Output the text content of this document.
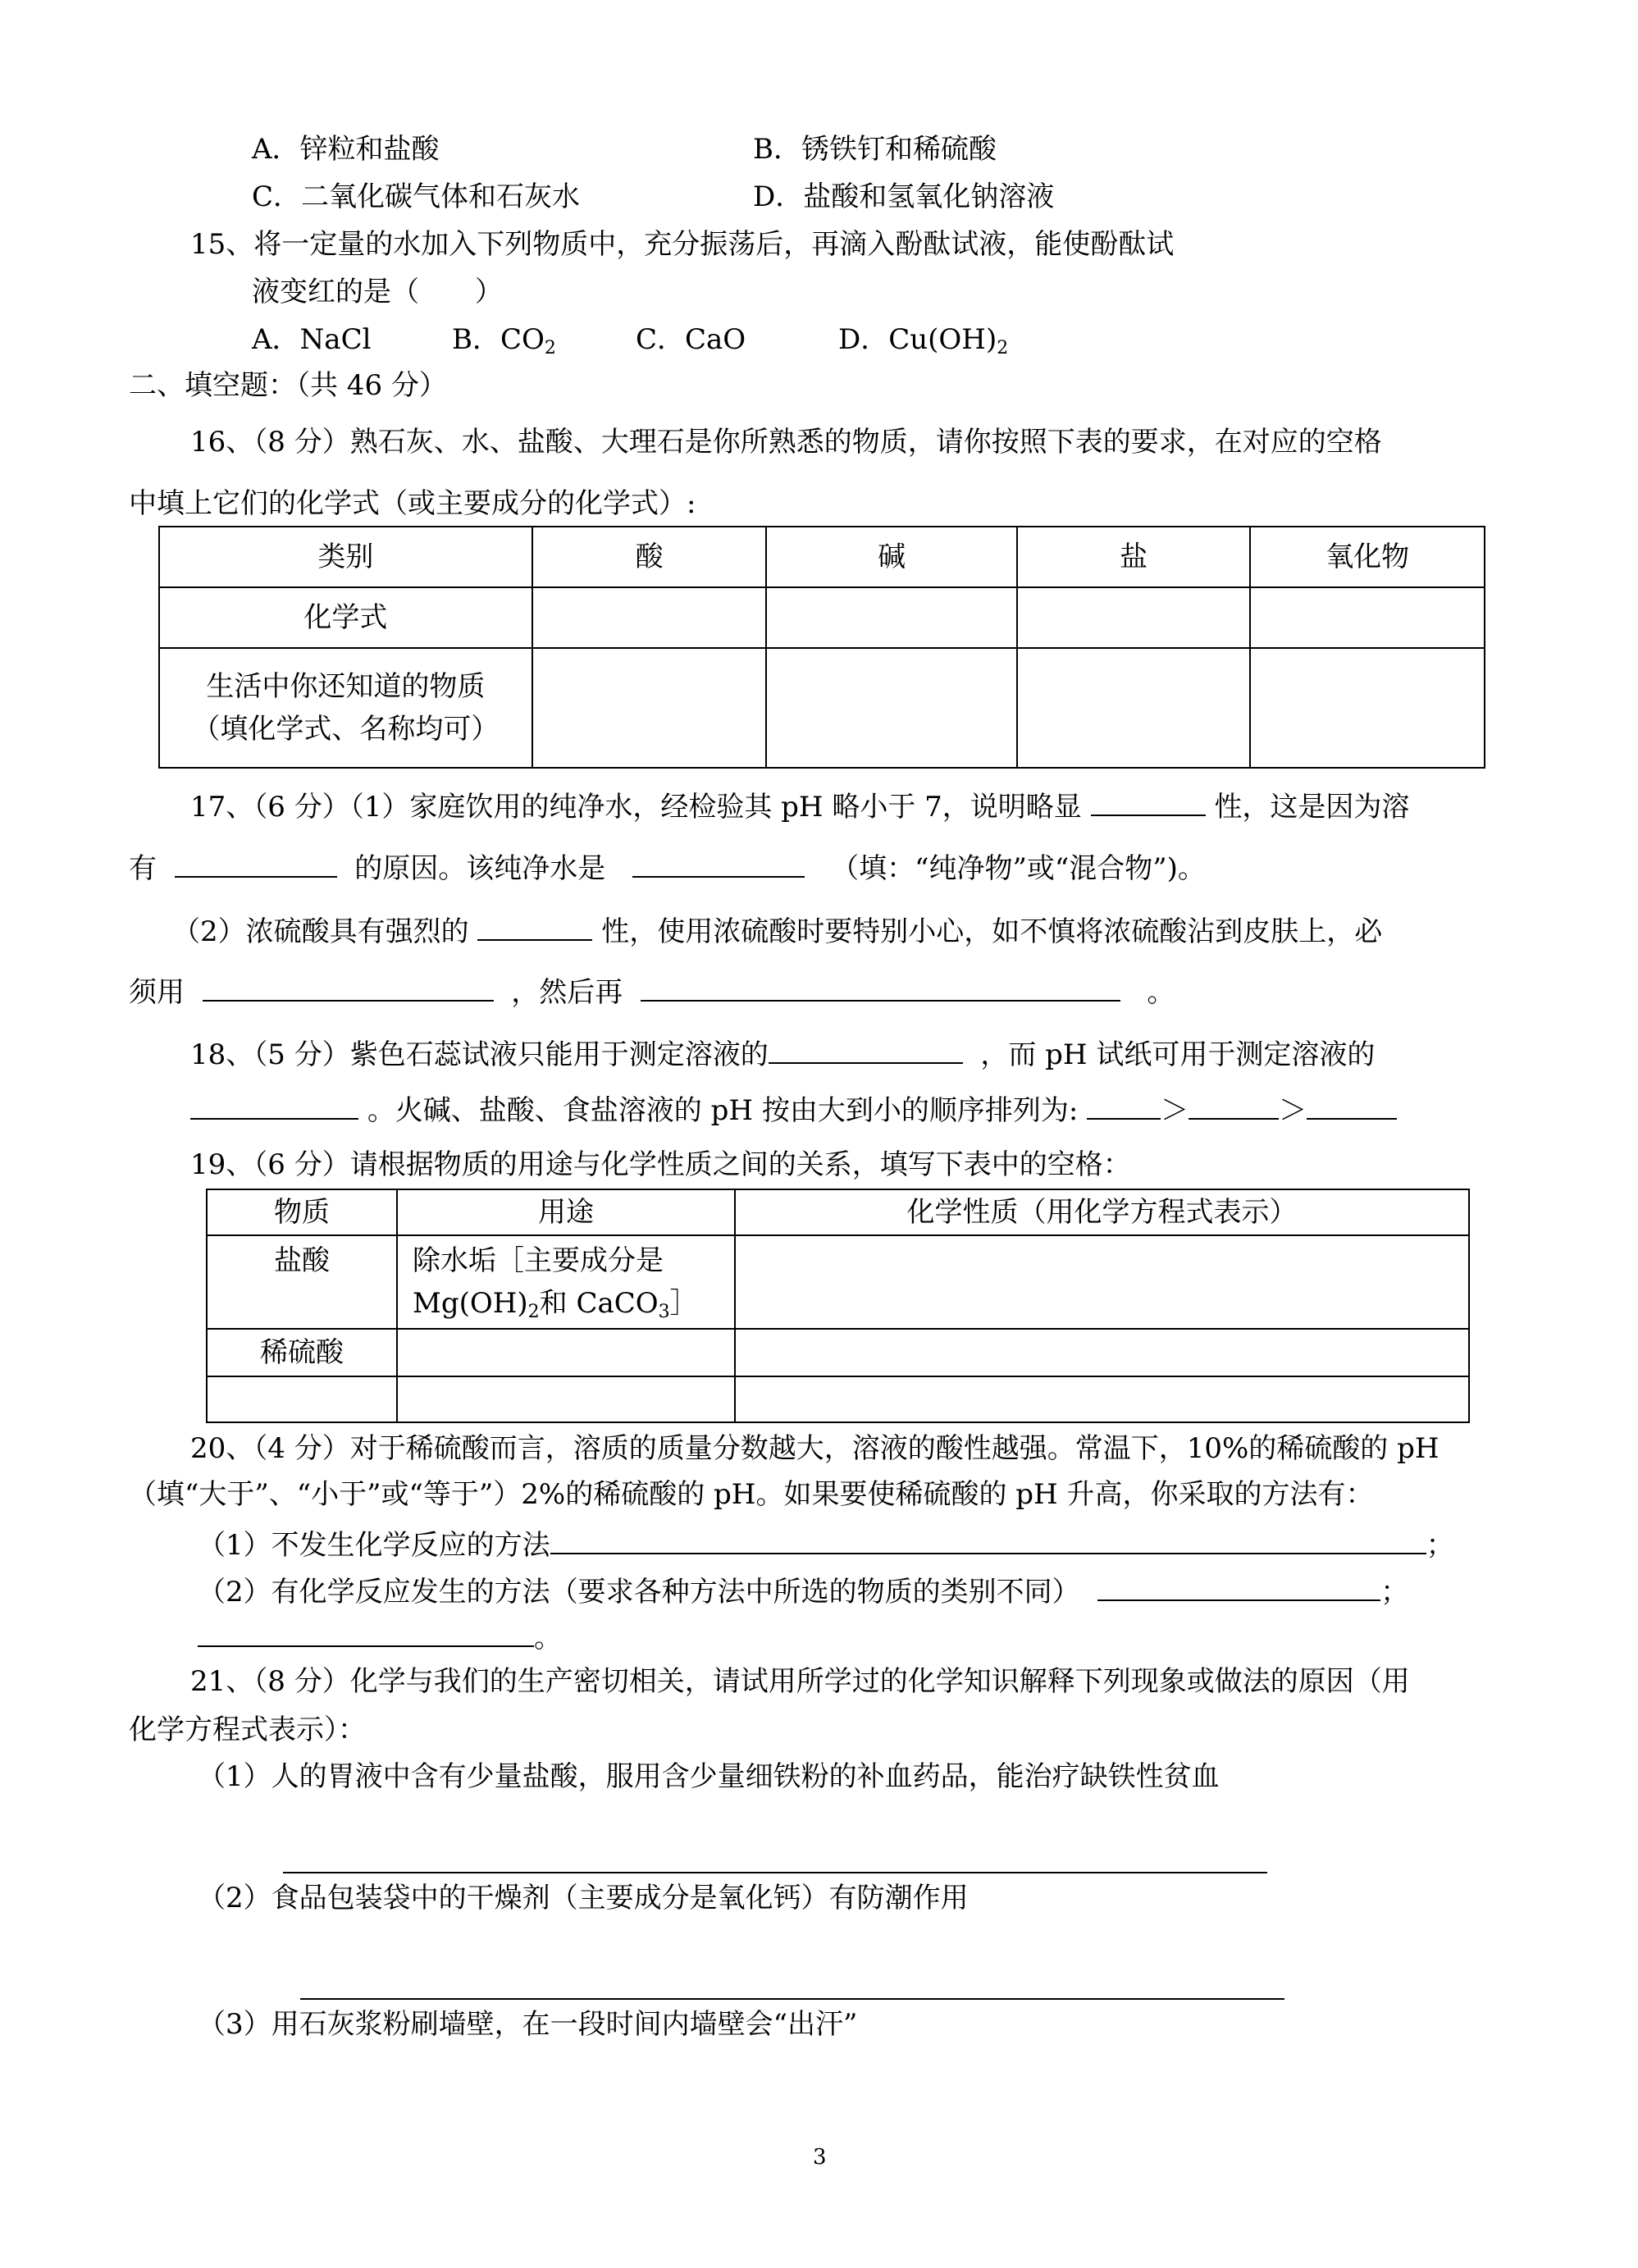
A．锌粒和盐酸	B．锈铁钉和稀硫酸
C．二氧化碳气体和石灰水	D．盐酸和氢氧化钠溶液
15、将一定量的水加入下列物质中，充分振荡后，再滴入酚酞试液，能使酚酞试
液变红的是（　　）
A．NaCl	B．$CO_2$	C．CaO	D．$Cu(OH)_2$
二、填空题：（共 46 分）
16、（8 分）熟石灰、水、盐酸、大理石是你所熟悉的物质，请你按照下表的要求，在对应的空格
中填上它们的化学式（或主要成分的化学式）:
类别	酸	碱	盐	氧化物
化学式				

生活中你还知道的物质
（填化学式、名称均可）				

17、（6 分）（1）家庭饮用的纯净水，经检验其 pH 略小于 7，说明略显	性，这是因为溶
有	的原因。该纯净水是	（填：“纯净物”或“混合物”)。
（2）浓硫酸具有强烈的	性，使用浓硫酸时要特别小心，如不慎将浓硫酸沾到皮肤上，必
须用	，然后再	。
18、（5 分）紫色石蕊试液只能用于测定溶液的	，而 pH 试纸可用于测定溶液的
。火碱、盐酸、食盐溶液的 pH 按由大到小的顺序排列为:	＞	＞
19、（6 分）请根据物质的用途与化学性质之间的关系，填写下表中的空格：
物质	用途	化学性质（用化学方程式表示）
盐酸	除水垢［主要成分是
$Mg(OH)_2$和 CaCO$_3$］	

稀硫酸		

20、（4 分）对于稀硫酸而言，溶质的质量分数越大，溶液的酸性越强。常温下，10%的稀硫酸的 pH
（填“大于”、“小于”或“等于”）2%的稀硫酸的 pH。如果要使稀硫酸的 pH 升高，你采取的方法有：
（1）不发生化学反应的方法	；
（2）有化学反应发生的方法（要求各种方法中所选的物质的类别不同）	；
。
21、（8 分）化学与我们的生产密切相关，请试用所学过的化学知识解释下列现象或做法的原因（用
化学方程式表示）：
（1）人的胃液中含有少量盐酸，服用含少量细铁粉的补血药品，能治疗缺铁性贫血
（2）食品包装袋中的干燥剂（主要成分是氧化钙）有防潮作用
（3）用石灰浆粉刷墙壁，在一段时间内墙壁会“出汗”
3
